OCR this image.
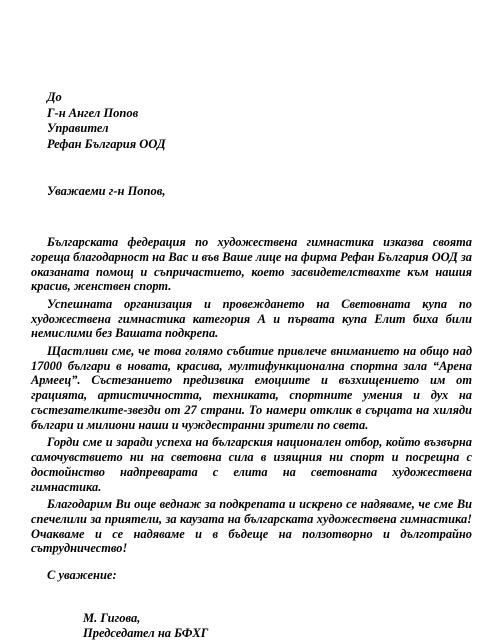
До
Г-н Ангел Попов
Управител
Рефан България ООД
Уважаеми г-н Попов,

Българската федерация по художествена гимнастика изказва своята гореща благодарност на Вас и във Ваше лице на фирма Рефан България ООД за оказаната помощ и съпричастието, което засвидетелствахте към нашия красив, женствен спорт.

Успешната организация и провеждането на Световната купа по художествена гимнастика категория А и първата купа Елит биха били немислими без Вашата подкрепа.

Щастливи сме, че това голямо събитие привлече вниманието на общо над 17000 българи в новата, красива, мултифункционална спортна зала “Арена Армеец”. Състезанието предизвика емоциите и възхищението им от грацията, артистичността, техниката, спортните умения и дух на състезателките-звезди от 27 страни. То намери отклик в сърцата на хиляди българи и милиони наши и чуждестранни зрители по света.

Горди сме и заради успеха на българския национален отбор, който възвърна самочувствието ни на световна сила в изящния ни спорт и посрещна с достойнство надпреварата с елита на световната художествена гимнастика.

Благодарим Ви още веднаж за подкрепата и искрено се надяваме, че сме Ви спечелили за приятели, за каузата на българската художествена гимнастика! Очакваме и се надяваме и в бъдеще на ползотворно и дълготрайно сътрудничество!

С уважение:
М. Гигова,
Председател на БФХГ
